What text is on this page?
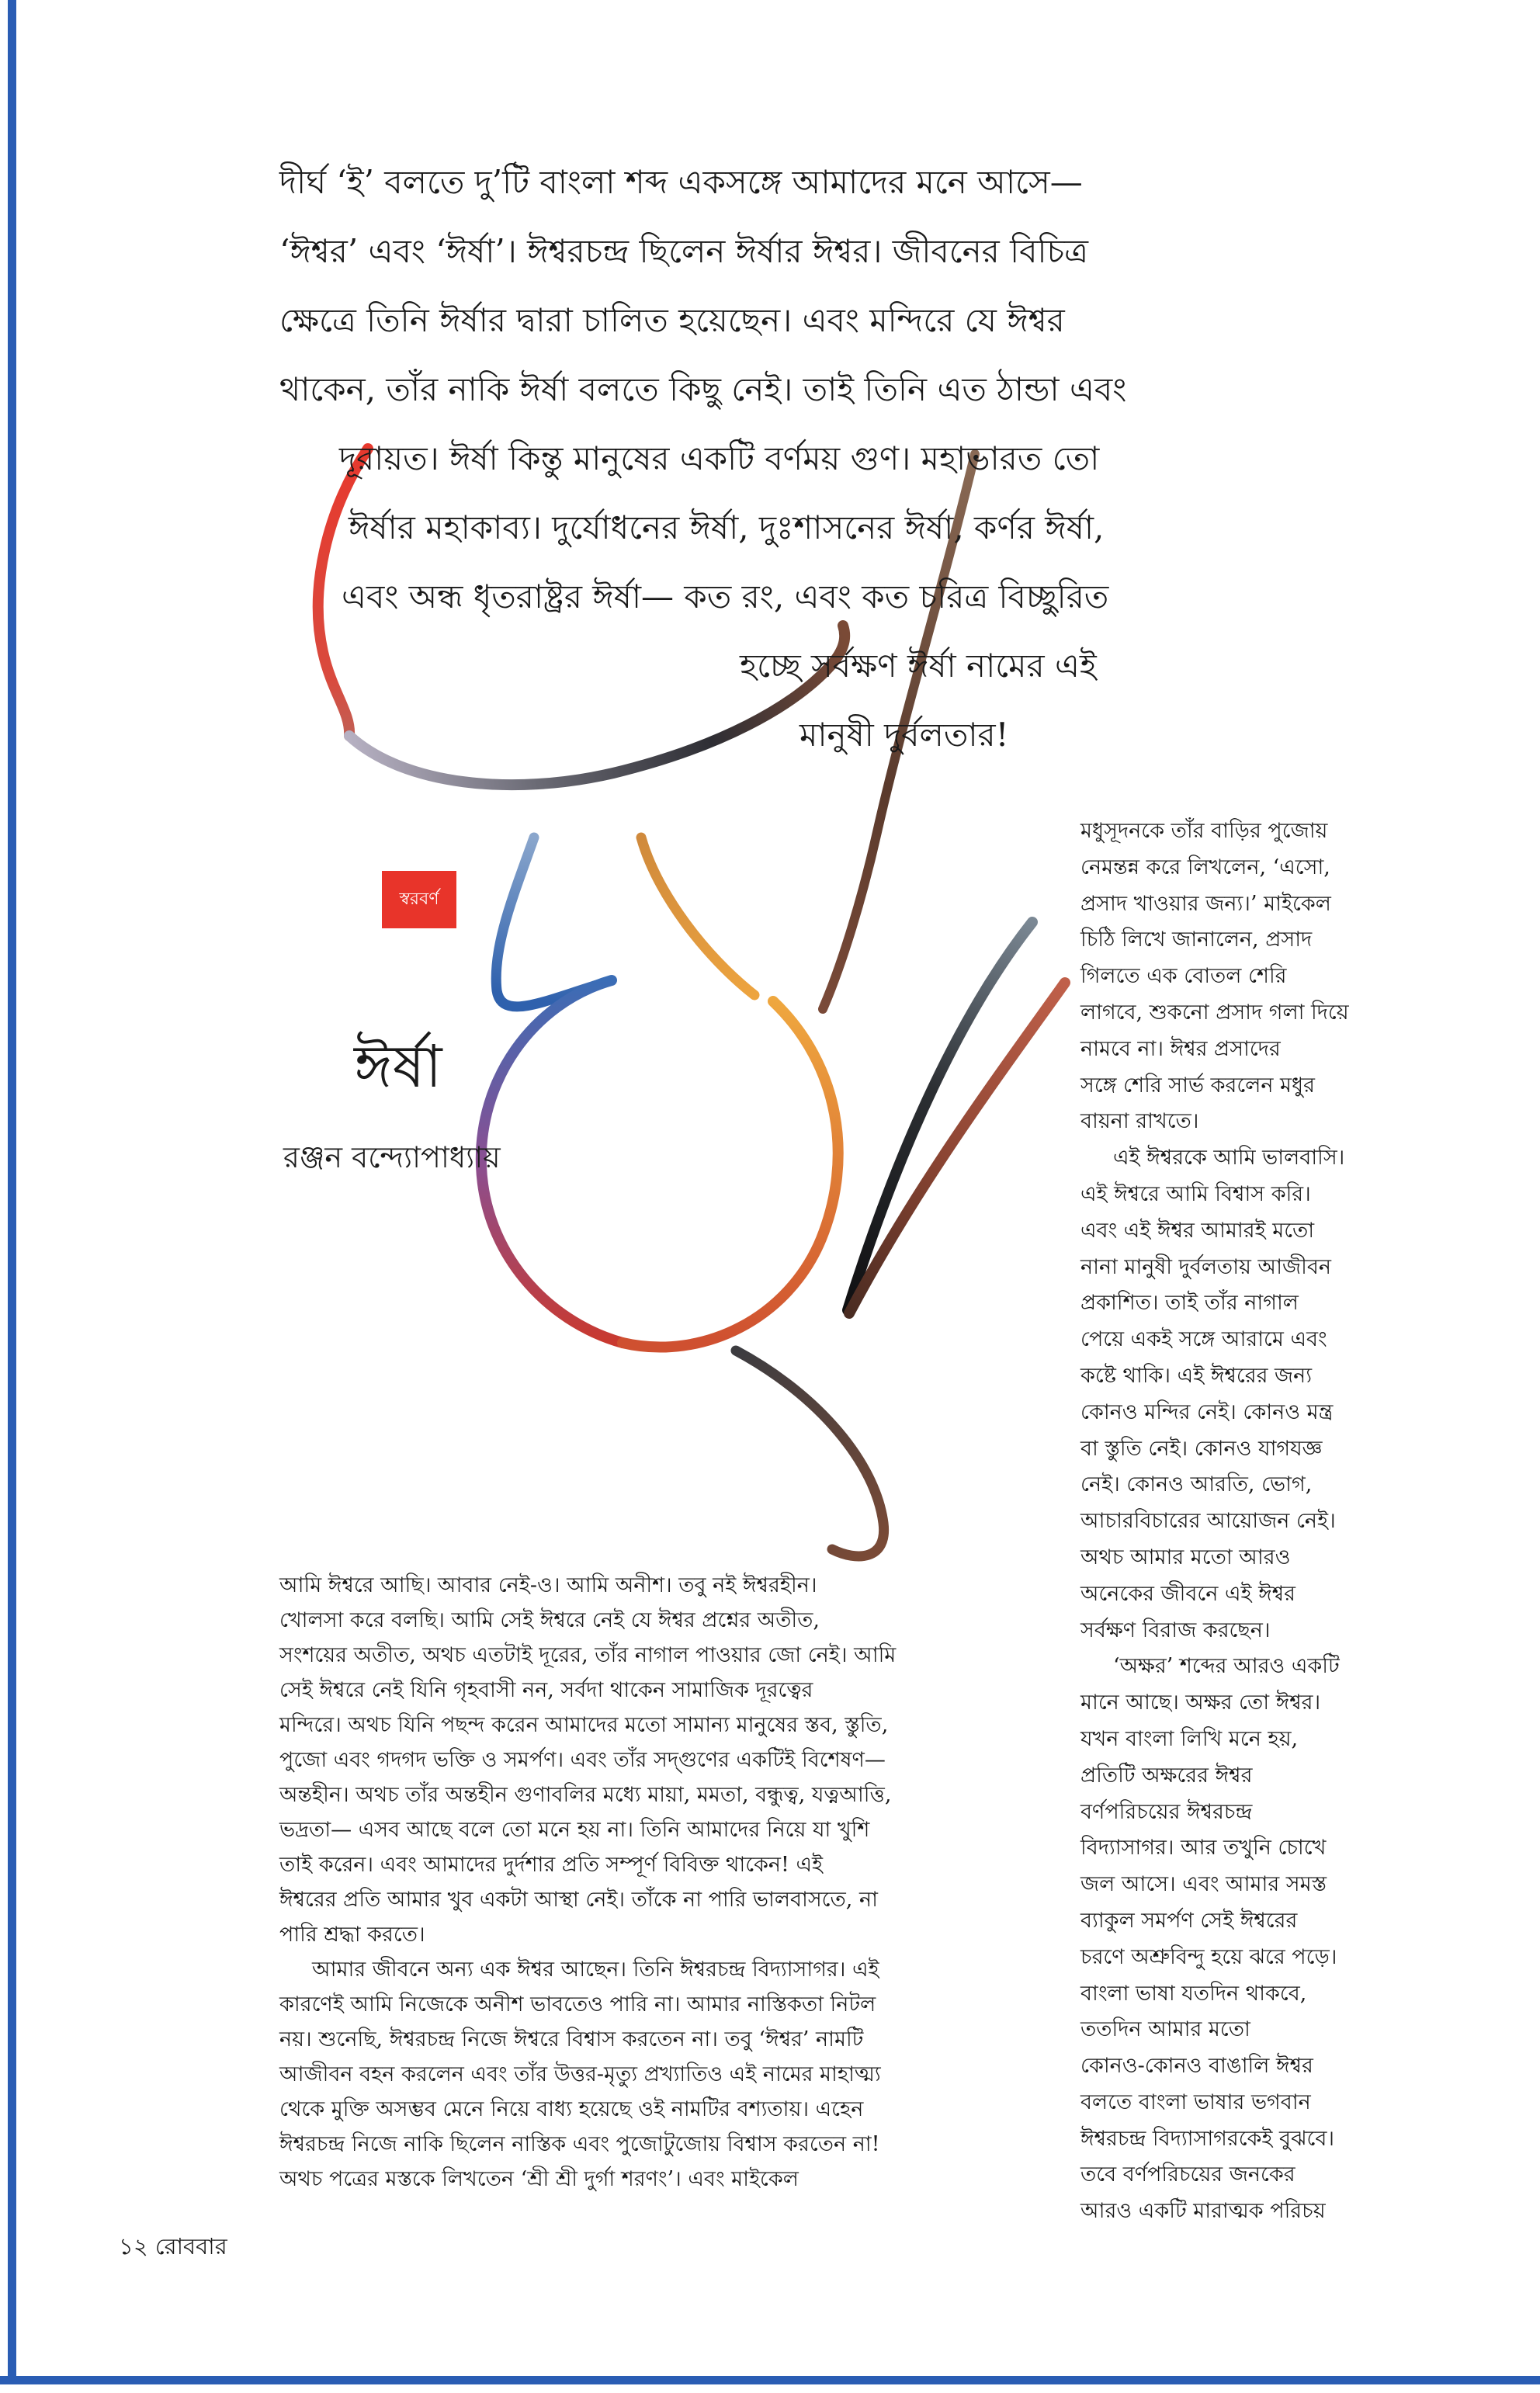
দীর্ঘ ‘ই’ বলতে দু’টি বাংলা শব্দ একসঙ্গে আমাদের মনে আসে—
‘ঈশ্বর’ এবং ‘ঈর্ষা’। ঈশ্বরচন্দ্র ছিলেন ঈর্ষার ঈশ্বর। জীবনের বিচিত্র
ক্ষেত্রে তিনি ঈর্ষার দ্বারা চালিত হয়েছেন। এবং মন্দিরে যে ঈশ্বর
থাকেন, তাঁর নাকি ঈর্ষা বলতে কিছু নেই। তাই তিনি এত ঠান্ডা এবং
দূরায়ত। ঈর্ষা কিন্তু মানুষের একটি বর্ণময় গুণ। মহাভারত তো
ঈর্ষার মহাকাব্য। দুর্যোধনের ঈর্ষা, দুঃশাসনের ঈর্ষা, কর্ণর ঈর্ষা,
এবং অন্ধ ধৃতরাষ্ট্রর ঈর্ষা— কত রং, এবং কত চরিত্র বিচ্ছুরিত
হচ্ছে সর্বক্ষণ ঈর্ষা নামের এই
মানুষী দুর্বলতার!
স্বরবর্ণ
ঈর্ষা
রঞ্জন বন্দ্যোপাধ্যায়
আমি ঈশ্বরে আছি। আবার নেই-ও। আমি অনীশ। তবু নই ঈশ্বরহীন।
খোলসা করে বলছি। আমি সেই ঈশ্বরে নেই যে ঈশ্বর প্রশ্নের অতীত,
সংশয়ের অতীত, অথচ এতটাই দূরের, তাঁর নাগাল পাওয়ার জো নেই। আমি
সেই ঈশ্বরে নেই যিনি গৃহবাসী নন, সর্বদা থাকেন সামাজিক দূরত্বের
মন্দিরে। অথচ যিনি পছন্দ করেন আমাদের মতো সামান্য মানুষের স্তব, স্তুতি,
পুজো এবং গদগদ ভক্তি ও সমর্পণ। এবং তাঁর সদ্গুণের একটিই বিশেষণ—
অন্তহীন। অথচ তাঁর অন্তহীন গুণাবলির মধ্যে মায়া, মমতা, বন্ধুত্ব, যত্নআত্তি,
ভদ্রতা— এসব আছে বলে তো মনে হয় না। তিনি আমাদের নিয়ে যা খুশি
তাই করেন। এবং আমাদের দুর্দশার প্রতি সম্পূর্ণ বিবিক্ত থাকেন! এই
ঈশ্বরের প্রতি আমার খুব একটা আস্থা নেই। তাঁকে না পারি ভালবাসতে, না
পারি শ্রদ্ধা করতে।
আমার জীবনে অন্য এক ঈশ্বর আছেন। তিনি ঈশ্বরচন্দ্র বিদ্যাসাগর। এই
কারণেই আমি নিজেকে অনীশ ভাবতেও পারি না। আমার নাস্তিকতা নিটল
নয়। শুনেছি, ঈশ্বরচন্দ্র নিজে ঈশ্বরে বিশ্বাস করতেন না। তবু ‘ঈশ্বর’ নামটি
আজীবন বহন করলেন এবং তাঁর উত্তর-মৃত্যু প্রখ্যাতিও এই নামের মাহাত্ম্য
থেকে মুক্তি অসম্ভব মেনে নিয়ে বাধ্য হয়েছে ওই নামটির বশ্যতায়। এহেন
ঈশ্বরচন্দ্র নিজে নাকি ছিলেন নাস্তিক এবং পুজোটুজোয় বিশ্বাস করতেন না!
অথচ পত্রের মস্তকে লিখতেন ‘শ্রী শ্রী দুর্গা শরণং’। এবং মাইকেল
মধুসূদনকে তাঁর বাড়ির পুজোয়
নেমন্তন্ন করে লিখলেন, ‘এসো,
প্রসাদ খাওয়ার জন্য।’ মাইকেল
চিঠি লিখে জানালেন, প্রসাদ
গিলতে এক বোতল শেরি
লাগবে, শুকনো প্রসাদ গলা দিয়ে
নামবে না। ঈশ্বর প্রসাদের
সঙ্গে শেরি সার্ভ করলেন মধুর
বায়না রাখতে।
এই ঈশ্বরকে আমি ভালবাসি।
এই ঈশ্বরে আমি বিশ্বাস করি।
এবং এই ঈশ্বর আমারই মতো
নানা মানুষী দুর্বলতায় আজীবন
প্রকাশিত। তাই তাঁর নাগাল
পেয়ে একই সঙ্গে আরামে এবং
কষ্টে থাকি। এই ঈশ্বরের জন্য
কোনও মন্দির নেই। কোনও মন্ত্র
বা স্তুতি নেই। কোনও যাগযজ্ঞ
নেই। কোনও আরতি, ভোগ,
আচারবিচারের আয়োজন নেই।
অথচ আমার মতো আরও
অনেকের জীবনে এই ঈশ্বর
সর্বক্ষণ বিরাজ করছেন।
‘অক্ষর’ শব্দের আরও একটি
মানে আছে। অক্ষর তো ঈশ্বর।
যখন বাংলা লিখি মনে হয়,
প্রতিটি অক্ষরের ঈশ্বর
বর্ণপরিচয়ের ঈশ্বরচন্দ্র
বিদ্যাসাগর। আর তখুনি চোখে
জল আসে। এবং আমার সমস্ত
ব্যাকুল সমর্পণ সেই ঈশ্বরের
চরণে অশ্রুবিন্দু হয়ে ঝরে পড়ে।
বাংলা ভাষা যতদিন থাকবে,
ততদিন আমার মতো
কোনও-কোনও বাঙালি ঈশ্বর
বলতে বাংলা ভাষার ভগবান
ঈশ্বরচন্দ্র বিদ্যাসাগরকেই বুঝবে।
তবে বর্ণপরিচয়ের জনকের
আরও একটি মারাত্মক পরিচয়
১২ রোববার
